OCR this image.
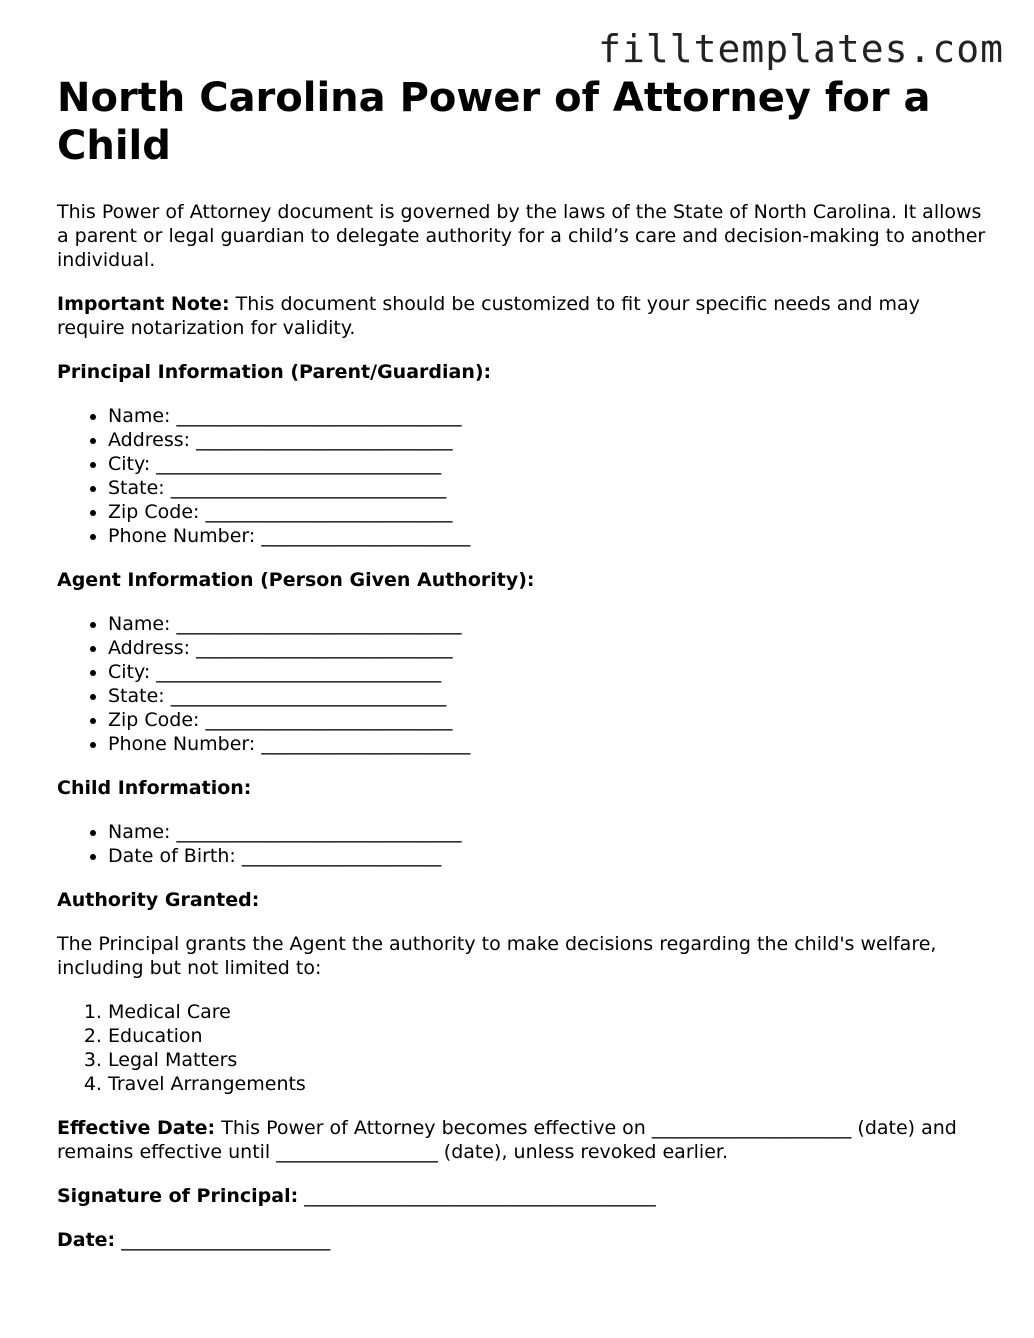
filltemplates.com
North Carolina Power of Attorney for a Child

This Power of Attorney document is governed by the laws of the State of North Carolina. It allows a parent or legal guardian to delegate authority for a child’s care and decision-making to another individual.

Important Note: This document should be customized to fit your specific needs and may require notarization for validity.

Principal Information (Parent/Guardian):

• Name: ______________________________
• Address: ___________________________
• City: ______________________________
• State: _____________________________
• Zip Code: __________________________
• Phone Number: ______________________

Agent Information (Person Given Authority):

• Name: ______________________________
• Address: ___________________________
• City: ______________________________
• State: _____________________________
• Zip Code: __________________________
• Phone Number: ______________________

Child Information:

• Name: ______________________________
• Date of Birth: _____________________

Authority Granted:

The Principal grants the Agent the authority to make decisions regarding the child's welfare, including but not limited to:

1. Medical Care
2. Education
3. Legal Matters
4. Travel Arrangements

Effective Date: This Power of Attorney becomes effective on _____________________ (date) and remains effective until _________________ (date), unless revoked earlier.

Signature of Principal: _____________________________________

Date: ______________________
